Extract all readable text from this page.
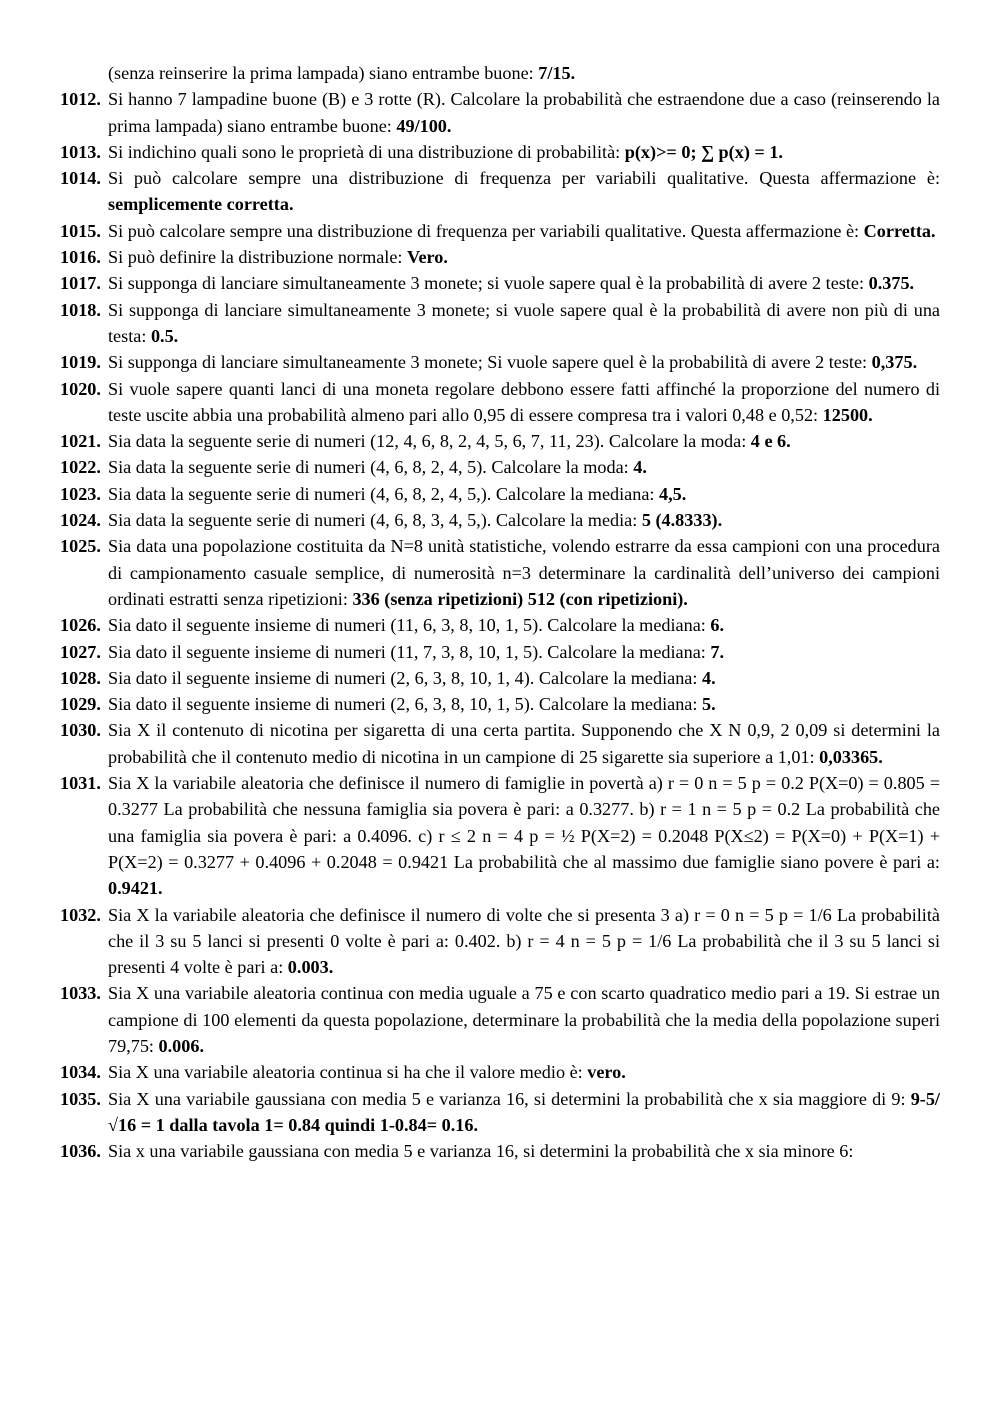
(senza reinserire la prima lampada) siano entrambe buone: 7/15.
1012. Si hanno 7 lampadine buone (B) e 3 rotte (R). Calcolare la probabilità che estraendone due a caso (reinserendo la prima lampada) siano entrambe buone: 49/100.
1013. Si indichino quali sono le proprietà di una distribuzione di probabilità: p(x)>= 0; ∑ p(x) = 1.
1014. Si può calcolare sempre una distribuzione di frequenza per variabili qualitative. Questa affermazione è: semplicemente corretta.
1015. Si può calcolare sempre una distribuzione di frequenza per variabili qualitative. Questa affermazione è: Corretta.
1016. Si può definire la distribuzione normale: Vero.
1017. Si supponga di lanciare simultaneamente 3 monete; si vuole sapere qual è la probabilità di avere 2 teste: 0.375.
1018. Si supponga di lanciare simultaneamente 3 monete; si vuole sapere qual è la probabilità di avere non più di una testa: 0.5.
1019. Si supponga di lanciare simultaneamente 3 monete; Si vuole sapere quel è la probabilità di avere 2 teste: 0,375.
1020. Si vuole sapere quanti lanci di una moneta regolare debbono essere fatti affinché la proporzione del numero di teste uscite abbia una probabilità almeno pari allo 0,95 di essere compresa tra i valori 0,48 e 0,52: 12500.
1021. Sia data la seguente serie di numeri (12, 4, 6, 8, 2, 4, 5, 6, 7, 11, 23). Calcolare la moda: 4 e 6.
1022. Sia data la seguente serie di numeri (4, 6, 8, 2, 4, 5). Calcolare la moda: 4.
1023. Sia data la seguente serie di numeri (4, 6, 8, 2, 4, 5,). Calcolare la mediana: 4,5.
1024. Sia data la seguente serie di numeri (4, 6, 8, 3, 4, 5,). Calcolare la media: 5 (4.8333).
1025. Sia data una popolazione costituita da N=8 unità statistiche, volendo estrarre da essa campioni con una procedura di campionamento casuale semplice, di numerosità n=3 determinare la cardinalità dell’universo dei campioni ordinati estratti senza ripetizioni: 336 (senza ripetizioni) 512 (con ripetizioni).
1026. Sia dato il seguente insieme di numeri (11, 6, 3, 8, 10, 1, 5). Calcolare la mediana: 6.
1027. Sia dato il seguente insieme di numeri (11, 7, 3, 8, 10, 1, 5). Calcolare la mediana: 7.
1028. Sia dato il seguente insieme di numeri (2, 6, 3, 8, 10, 1, 4). Calcolare la mediana: 4.
1029. Sia dato il seguente insieme di numeri (2, 6, 3, 8, 10, 1, 5). Calcolare la mediana: 5.
1030. Sia X il contenuto di nicotina per sigaretta di una certa partita. Supponendo che X N 0,9, 2 0,09 si determini la probabilità che il contenuto medio di nicotina in un campione di 25 sigarette sia superiore a 1,01: 0,03365.
1031. Sia X la variabile aleatoria che definisce il numero di famiglie in povertà a) r = 0 n = 5 p = 0.2 P(X=0) = 0.805 = 0.3277 La probabilità che nessuna famiglia sia povera è pari: a 0.3277. b) r = 1 n = 5 p = 0.2 La probabilità che una famiglia sia povera è pari: a 0.4096. c) r ≤ 2 n = 4 p = ½ P(X=2) = 0.2048 P(X≤2) = P(X=0) + P(X=1) + P(X=2) = 0.3277 + 0.4096 + 0.2048 = 0.9421 La probabilità che al massimo due famiglie siano povere è pari a: 0.9421.
1032. Sia X la variabile aleatoria che definisce il numero di volte che si presenta 3 a) r = 0 n = 5 p = 1/6 La probabilità che il 3 su 5 lanci si presenti 0 volte è pari a: 0.402. b) r = 4 n = 5 p = 1/6 La probabilità che il 3 su 5 lanci si presenti 4 volte è pari a: 0.003.
1033. Sia X una variabile aleatoria continua con media uguale a 75 e con scarto quadratico medio pari a 19. Si estrae un campione di 100 elementi da questa popolazione, determinare la probabilità che la media della popolazione superi 79,75: 0.006.
1034. Sia X una variabile aleatoria continua si ha che il valore medio è: vero.
1035. Sia X una variabile gaussiana con media 5 e varianza 16, si determini la probabilità che x sia maggiore di 9: 9-5/√16 = 1 dalla tavola 1= 0.84 quindi 1-0.84= 0.16.
1036. Sia x una variabile gaussiana con media 5 e varianza 16, si determini la probabilità che x sia minore 6:
